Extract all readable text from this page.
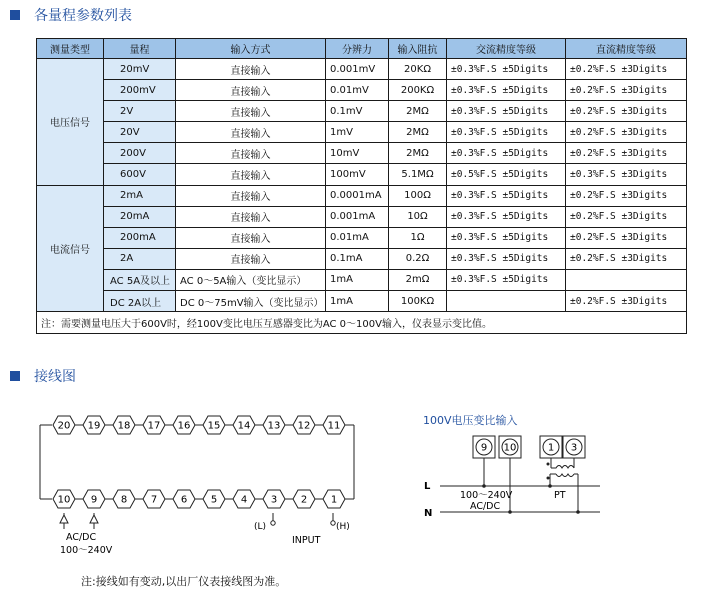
各量程参数列表
测量类型	量程	输入方式	分辨力	输入阻抗	交流精度等级	直流精度等级
电压信号	20mV	直接输入	0.001mV	20KΩ	±0.3%F.S ±5Digits	±0.2%F.S ±3Digits
	200mV	直接输入	0.01mV	200KΩ	±0.3%F.S ±5Digits	±0.2%F.S ±3Digits
	2V	直接输入	0.1mV	2MΩ	±0.3%F.S ±5Digits	±0.2%F.S ±3Digits
	20V	直接输入	1mV	2MΩ	±0.3%F.S ±5Digits	±0.2%F.S ±3Digits
	200V	直接输入	10mV	2MΩ	±0.3%F.S ±5Digits	±0.2%F.S ±3Digits
	600V	直接输入	100mV	5.1MΩ	±0.5%F.S ±5Digits	±0.3%F.S ±3Digits
电流信号	2mA	直接输入	0.0001mA	100Ω	±0.3%F.S ±5Digits	±0.2%F.S ±3Digits
	20mA	直接输入	0.001mA	10Ω	±0.3%F.S ±5Digits	±0.2%F.S ±3Digits
	200mA	直接输入	0.01mA	1Ω	±0.3%F.S ±5Digits	±0.2%F.S ±3Digits
	2A	直接输入	0.1mA	0.2Ω	±0.3%F.S ±5Digits	±0.2%F.S ±3Digits
	AC 5A及以上	AC 0～5A输入（变比显示）	1mA	2mΩ	±0.3%F.S ±5Digits	
	DC 2A以上	DC 0～75mV输入（变比显示）	1mA	100KΩ		±0.2%F.S ±3Digits
注：需要测量电压大于600V时，经100V变比电压互感器变比为AC 0～100V输入，仪表显示变比值。						
接线图
20 19 18 17 16 15 14 13 12 11
10 9 8 7 6 5 4 3 2 1
AC/DC
100～240V
(L)	(H)
INPUT
100V电压变比输入
9 10	1 3
L
N
100～240V
AC/DC
PT
注:接线如有变动,以出厂仪表接线图为准。
